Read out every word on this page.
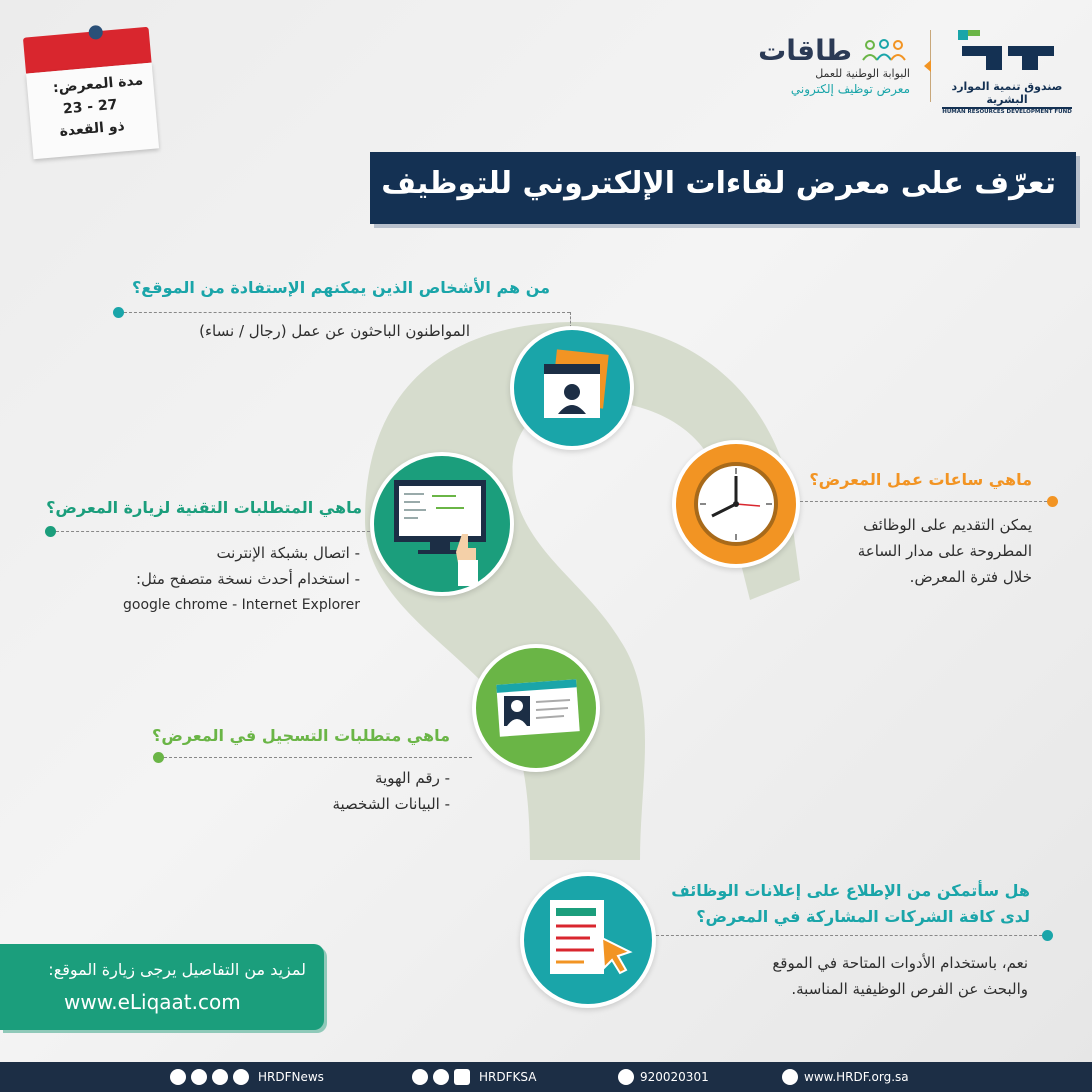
مدة المعرض:
23 - 27
ذو القعدة
طاقات
البوابة الوطنية للعمل
معرض توظيف إلكتروني	صندوق تنمية الموارد البشرية
HUMAN RESOURCES DEVELOPMENT FUND
تعرّف على معرض لقاءات الإلكتروني للتوظيف
من هم الأشخاص الذين يمكنهم الإستفادة من الموقع؟
المواطنون الباحثون عن عمل (رجال / نساء)
ماهي ساعات عمل المعرض؟
يمكن التقديم على الوظائف
المطروحة على مدار الساعة
خلال فترة المعرض.
ماهي المتطلبات التقنية لزيارة المعرض؟
- اتصال بشبكة الإنترنت
- استخدام أحدث نسخة متصفح مثل:
google chrome - Internet Explorer
ماهي متطلبات التسجيل في المعرض؟
- رقم الهوية
- البيانات الشخصية
هل سأتمكن من الإطلاع على إعلانات الوظائف
لدى كافة الشركات المشاركة في المعرض؟
نعم، باستخدام الأدوات المتاحة في الموقع
والبحث عن الفرص الوظيفية المناسبة.
لمزيد من التفاصيل يرجى زيارة الموقع:
www.eLiqaat.com
HRDFNews	HRDFKSA	920020301	www.HRDF.org.sa
